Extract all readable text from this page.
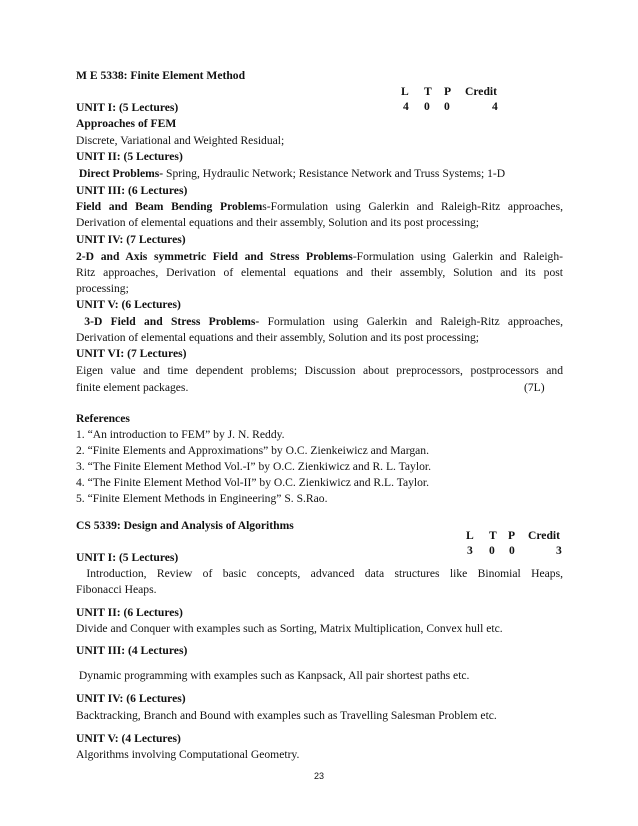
M E 5338: Finite Element Method
L T P Credit
4 0 0	4
UNIT I: (5 Lectures)
Approaches of FEM
Discrete, Variational and Weighted Residual;
UNIT II: (5 Lectures)
Direct Problems- Spring, Hydraulic Network; Resistance Network and Truss Systems; 1-D
UNIT III: (6 Lectures)
Field and Beam Bending Problems-Formulation using Galerkin and Raleigh-Ritz approaches,
Derivation of elemental equations and their assembly, Solution and its post processing;
UNIT IV: (7 Lectures)
2-D and Axis symmetric Field and Stress Problems-Formulation using Galerkin and Raleigh-
Ritz approaches, Derivation of elemental equations and their assembly, Solution and its post
processing;
UNIT V: (6 Lectures)
3-D Field and Stress Problems- Formulation using Galerkin and Raleigh-Ritz approaches,
Derivation of elemental equations and their assembly, Solution and its post processing;
UNIT VI: (7 Lectures)
Eigen value and time dependent problems; Discussion about preprocessors, postprocessors and
finite element packages.	(7L)
References
1. “An introduction to FEM” by J. N. Reddy.
2. “Finite Elements and Approximations” by O.C. Zienkeiwicz and Margan.
3. “The Finite Element Method Vol.-I” by O.C. Zienkiwicz and R. L. Taylor.
4. “The Finite Element Method Vol-II” by O.C. Zienkiwicz and R.L. Taylor.
5. “Finite Element Methods in Engineering” S. S.Rao.
CS 5339: Design and Analysis of Algorithms
L T P Credit
3 0 0	3
UNIT I: (5 Lectures)
Introduction, Review of basic concepts, advanced data structures like Binomial Heaps,
Fibonacci Heaps.
UNIT II: (6 Lectures)
Divide and Conquer with examples such as Sorting, Matrix Multiplication, Convex hull etc.
UNIT III: (4 Lectures)
Dynamic programming with examples such as Kanpsack, All pair shortest paths etc.
UNIT IV: (6 Lectures)
Backtracking, Branch and Bound with examples such as Travelling Salesman Problem etc.
UNIT V: (4 Lectures)
Algorithms involving Computational Geometry.
23
